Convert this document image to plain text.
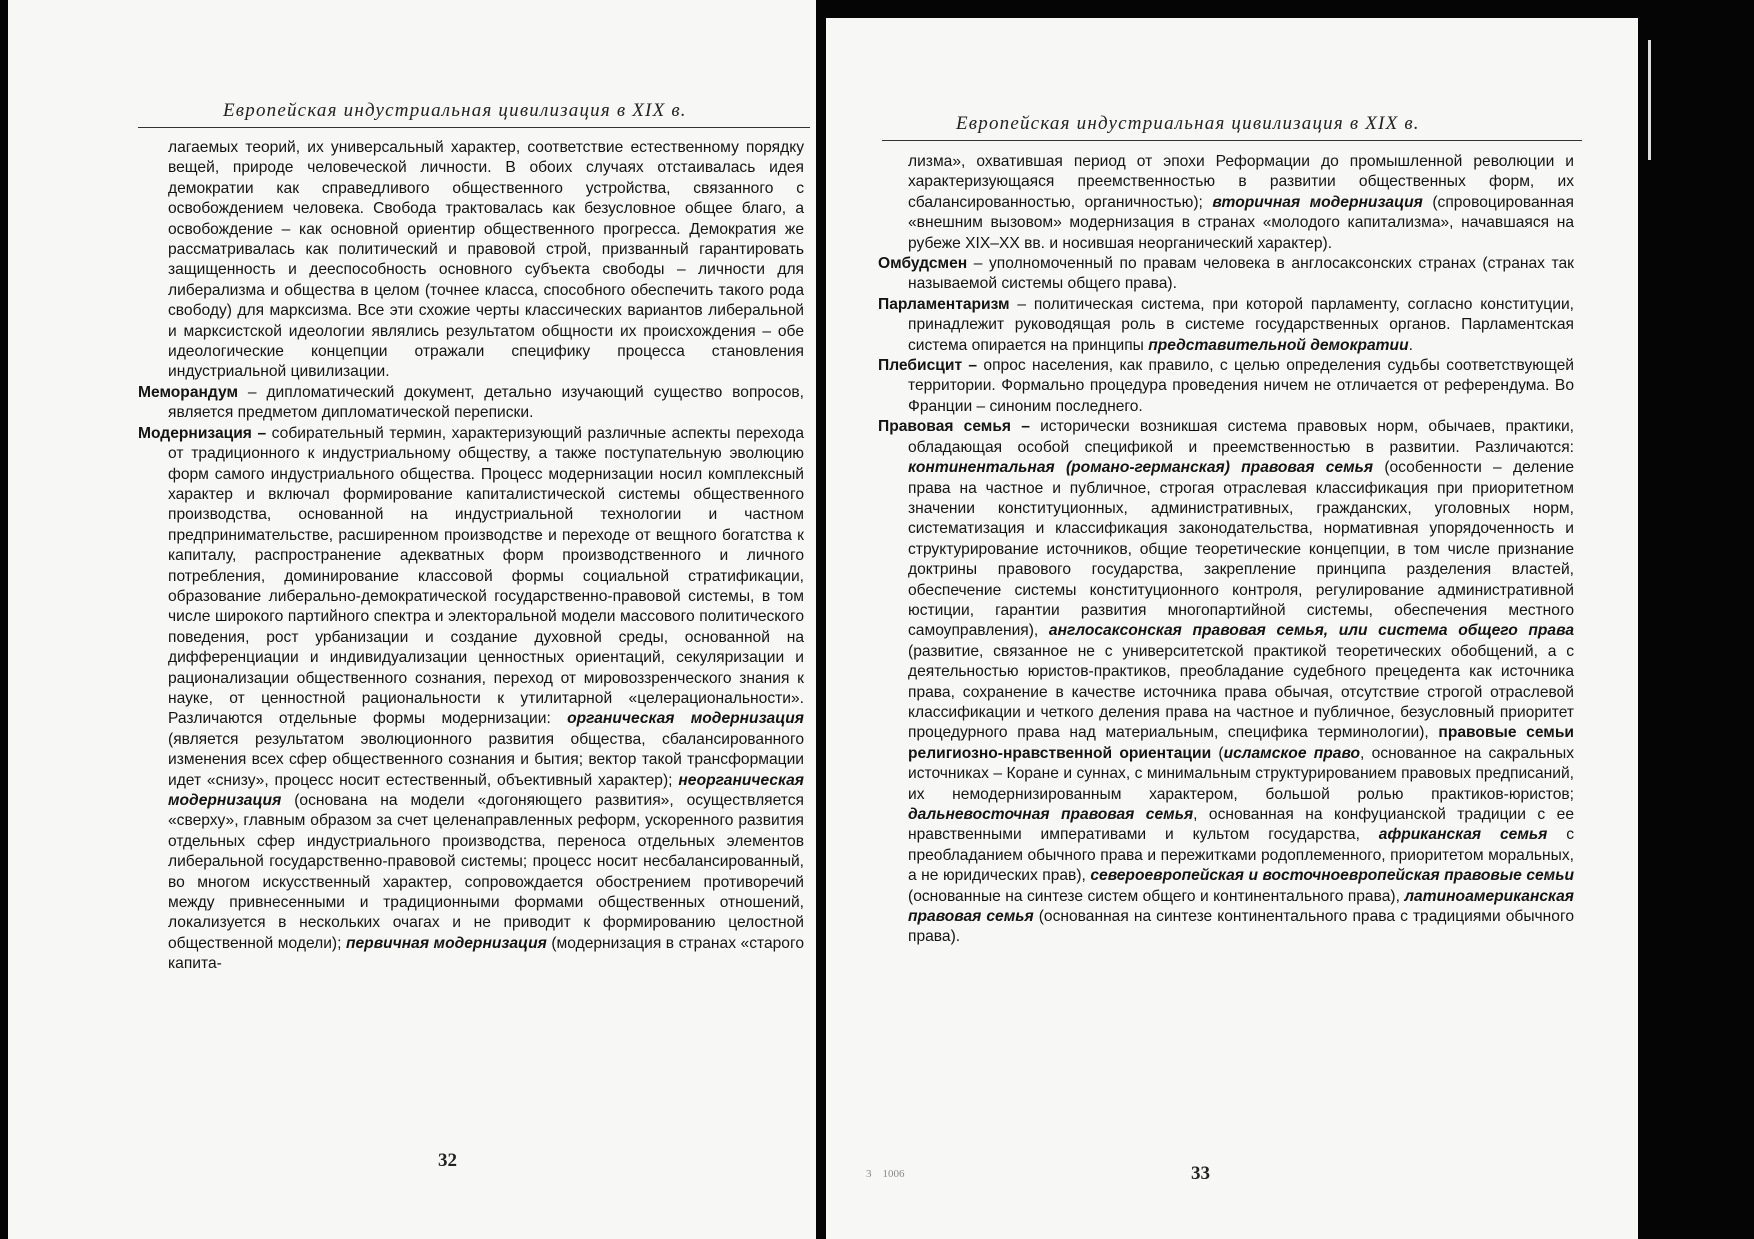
Европейская индустриальная цивилизация в XIX в.

лагаемых теорий, их универсальный характер, соответствие естественному порядку вещей, природе человеческой личности. В обоих случаях отстаивалась идея демократии как справедливого общественного устройства, связанного с освобождением человека. Свобода трактовалась как безусловное общее благо, а освобождение – как основной ориентир общественного прогресса. Демократия же рассматривалась как политический и правовой строй, призванный гарантировать защищенность и дееспособность основного субъекта свободы – личности для либерализма и общества в целом (точнее класса, способного обеспечить такого рода свободу) для марксизма. Все эти схожие черты классических вариантов либеральной и марксистской идеологии являлись результатом общности их происхождения – обе идеологические концепции отражали специфику процесса становления индустриальной цивилизации.

Меморандум – дипломатический документ, детально изучающий существо вопросов, является предметом дипломатической переписки.

Модернизация – собирательный термин, характеризующий различные аспекты перехода от традиционного к индустриальному обществу, а также поступательную эволюцию форм самого индустриального общества. Процесс модернизации носил комплексный характер и включал формирование капиталистической системы общественного производства, основанной на индустриальной технологии и частном предпринимательстве, расширенном производстве и переходе от вещного богатства к капиталу, распространение адекватных форм производственного и личного потребления, доминирование классовой формы социальной стратификации, образование либерально-демократической государственно-правовой системы, в том числе широкого партийного спектра и электоральной модели массового политического поведения, рост урбанизации и создание духовной среды, основанной на дифференциации и индивидуализации ценностных ориентаций, секуляризации и рационализации общественного сознания, переход от мировоззренческого знания к науке, от ценностной рациональности к утилитарной «целерациональности». Различаются отдельные формы модернизации: органическая модернизация (является результатом эволюционного развития общества, сбалансированного изменения всех сфер общественного сознания и бытия; вектор такой трансформации идет «снизу», процесс носит естественный, объективный характер); неорганическая модернизация (основана на модели «догоняющего развития», осуществляется «сверху», главным образом за счет целенаправленных реформ, ускоренного развития отдельных сфер индустриального производства, переноса отдельных элементов либеральной государственно-правовой системы; процесс носит несбалансированный, во многом искусственный характер, сопровождается обострением противоречий между привнесенными и традиционными формами общественных отношений, локализуется в нескольких очагах и не приводит к формированию целостной общественной модели); первичная модернизация (модернизация в странах «старого капита-

32
Европейская индустриальная цивилизация в XIX в.

лизма», охватившая период от эпохи Реформации до промышленной революции и характеризующаяся преемственностью в развитии общественных форм, их сбалансированностью, органичностью); вторичная модернизация (спровоцированная «внешним вызовом» модернизация в странах «молодого капитализма», начавшаяся на рубеже XIX–XX вв. и носившая неорганический характер).

Омбудсмен – уполномоченный по правам человека в англосаксонских странах (странах так называемой системы общего права).

Парламентаризм – политическая система, при которой парламенту, согласно конституции, принадлежит руководящая роль в системе государственных органов. Парламентская система опирается на принципы представительной демократии.

Плебисцит – опрос населения, как правило, с целью определения судьбы соответствующей территории. Формально процедура проведения ничем не отличается от референдума. Во Франции – синоним последнего.

Правовая семья – исторически возникшая система правовых норм, обычаев, практики, обладающая особой спецификой и преемственностью в развитии. Различаются: континентальная (романо-германская) правовая семья (особенности – деление права на частное и публичное, строгая отраслевая классификация при приоритетном значении конституционных, административных, гражданских, уголовных норм, систематизация и классификация законодательства, нормативная упорядоченность и структурирование источников, общие теоретические концепции, в том числе признание доктрины правового государства, закрепление принципа разделения властей, обеспечение системы конституционного контроля, регулирование административной юстиции, гарантии развития многопартийной системы, обеспечения местного самоуправления), англосаксонская правовая семья, или система общего права (развитие, связанное не с университетской практикой теоретических обобщений, а с деятельностью юристов-практиков, преобладание судебного прецедента как источника права, сохранение в качестве источника права обычая, отсутствие строгой отраслевой классификации и четкого деления права на частное и публичное, безусловный приоритет процедурного права над материальным, специфика терминологии), правовые семьи религиозно-нравственной ориентации (исламское право, основанное на сакральных источниках – Коране и суннах, с минимальным структурированием правовых предписаний, их немодернизированным характером, большой ролью практиков-юристов; дальневосточная правовая семья, основанная на конфуцианской традиции с ее нравственными императивами и культом государства, африканская семья с преобладанием обычного права и пережитками родоплеменного, приоритетом моральных, а не юридических прав), североевропейская и восточноевропейская правовые семьи (основанные на синтезе систем общего и континентального права), латиноамериканская правовая семья (основанная на синтезе континентального права с традициями обычного права).

3    1006	33
